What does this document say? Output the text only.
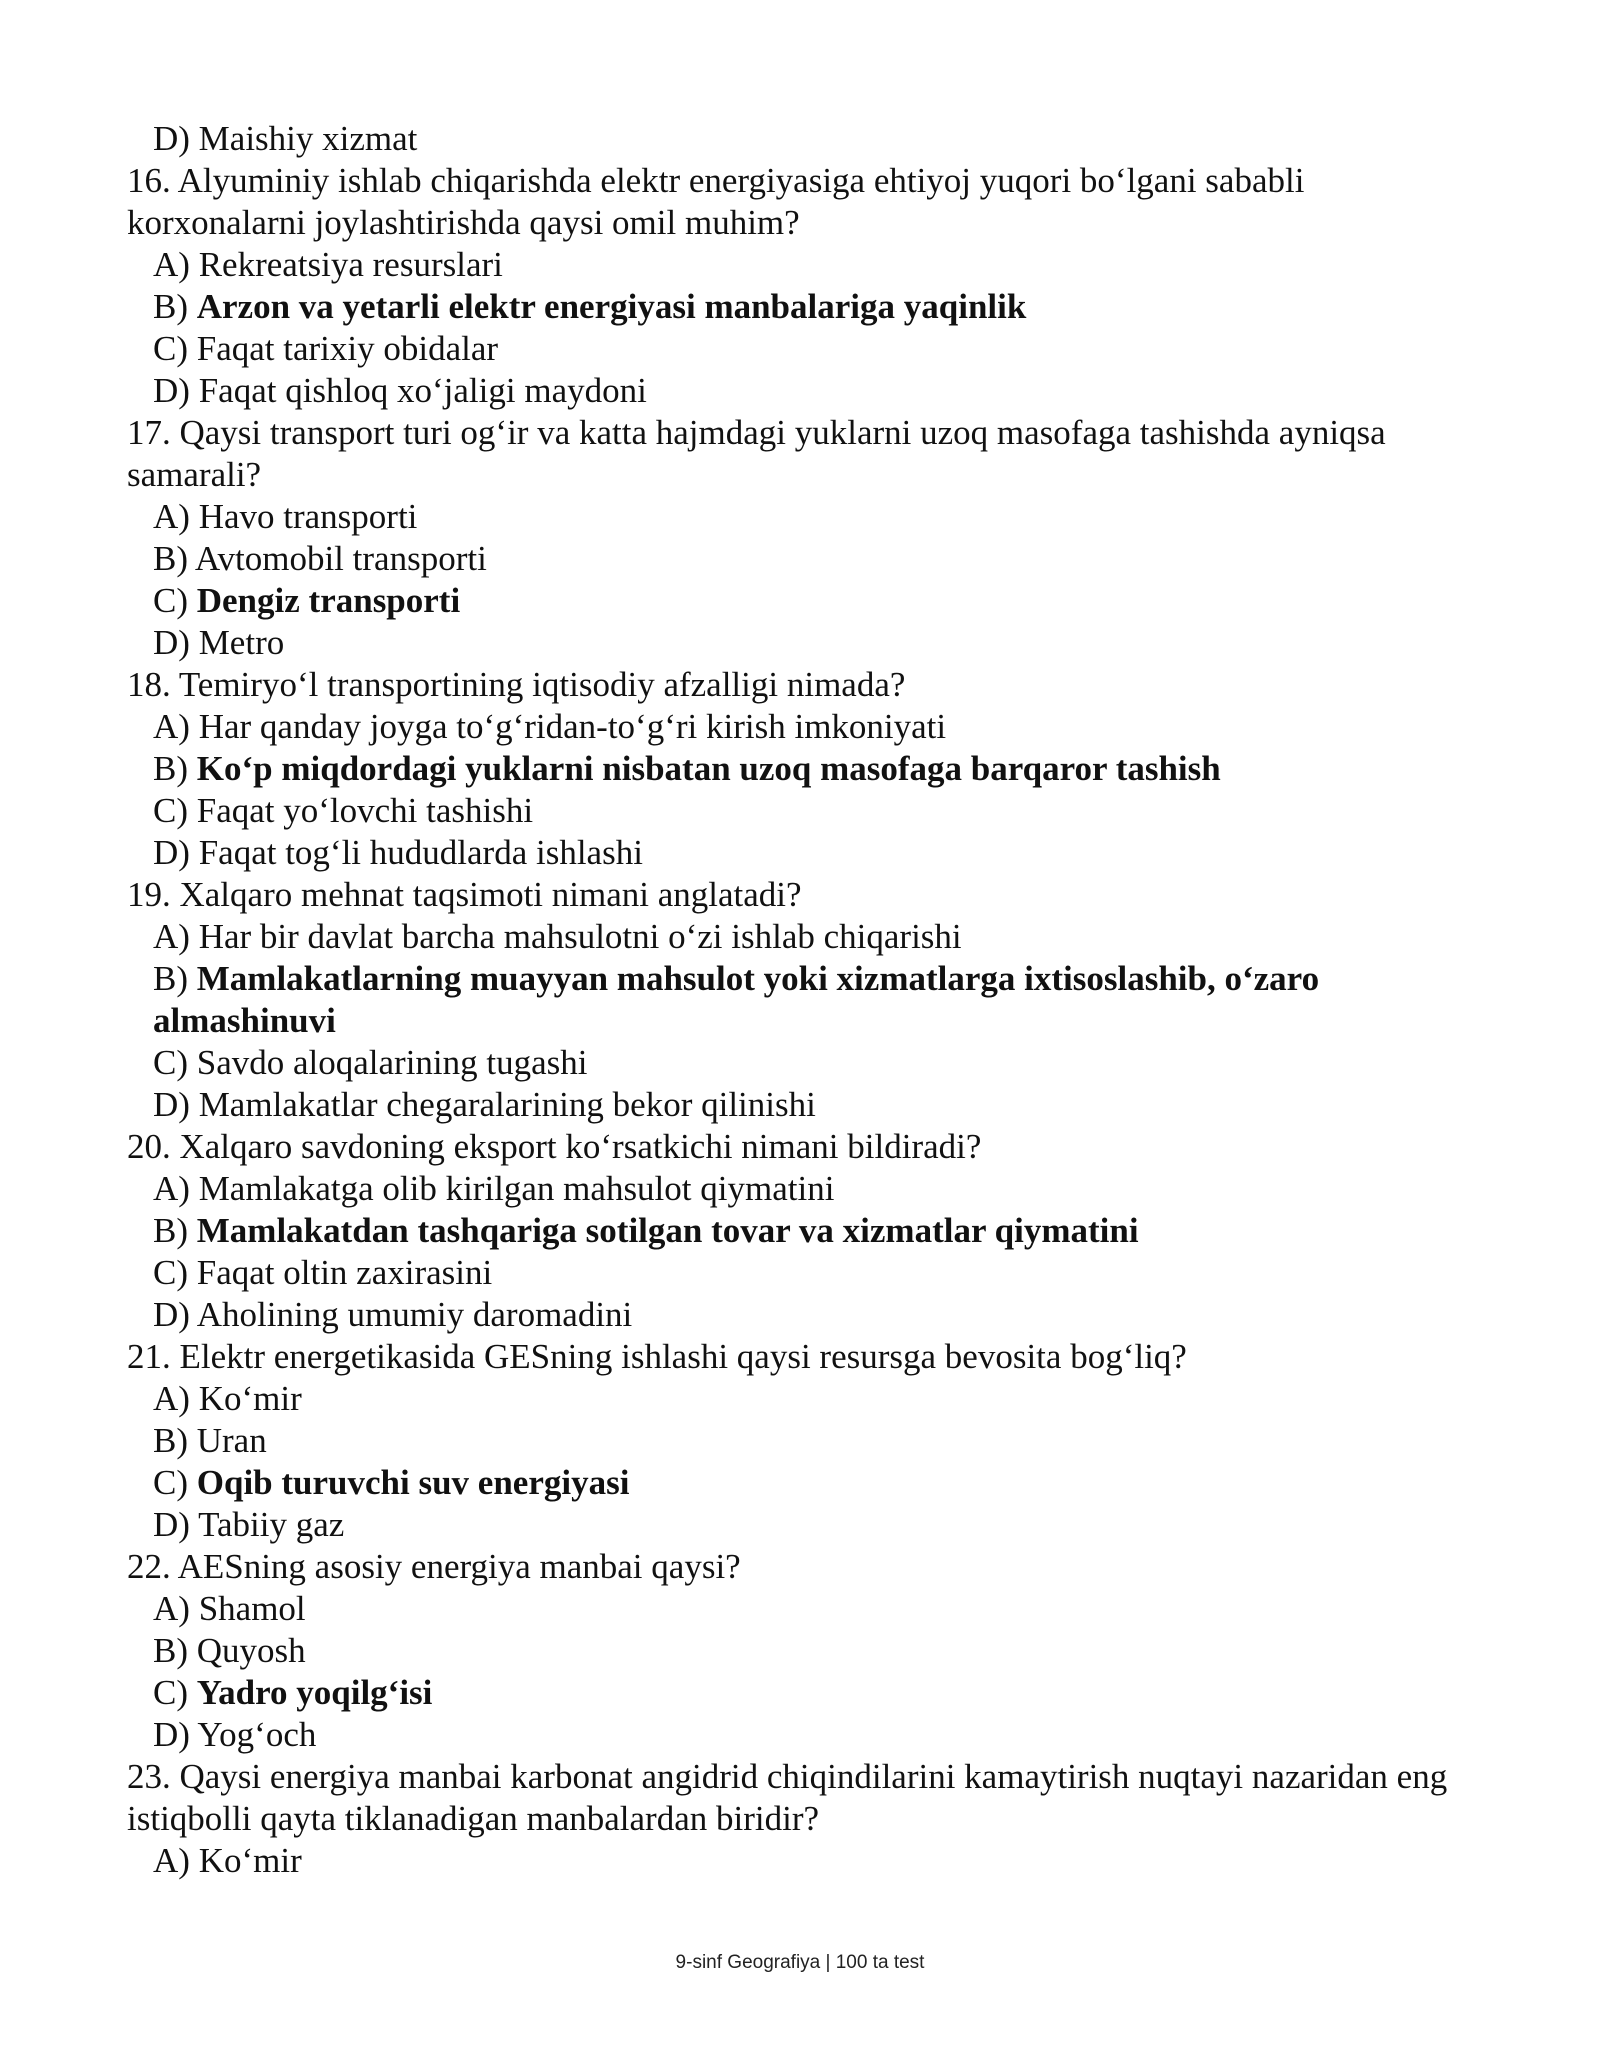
D) Maishiy xizmat
16. Alyuminiy ishlab chiqarishda elektr energiyasiga ehtiyoj yuqori bo‘lgani sababli korxonalarni joylashtirishda qaysi omil muhim?
A) Rekreatsiya resurslari
B) Arzon va yetarli elektr energiyasi manbalariga yaqinlik
C) Faqat tarixiy obidalar
D) Faqat qishloq xo‘jaligi maydoni
17. Qaysi transport turi og‘ir va katta hajmdagi yuklarni uzoq masofaga tashishda ayniqsa samarali?
A) Havo transporti
B) Avtomobil transporti
C) Dengiz transporti
D) Metro
18. Temiryo‘l transportining iqtisodiy afzalligi nimada?
A) Har qanday joyga to‘g‘ridan-to‘g‘ri kirish imkoniyati
B) Ko‘p miqdordagi yuklarni nisbatan uzoq masofaga barqaror tashish
C) Faqat yo‘lovchi tashishi
D) Faqat tog‘li hududlarda ishlashi
19. Xalqaro mehnat taqsimoti nimani anglatadi?
A) Har bir davlat barcha mahsulotni o‘zi ishlab chiqarishi
B) Mamlakatlarning muayyan mahsulot yoki xizmatlarga ixtisoslashib, o‘zaro almashinuvi
C) Savdo aloqalarining tugashi
D) Mamlakatlar chegaralarining bekor qilinishi
20. Xalqaro savdoning eksport ko‘rsatkichi nimani bildiradi?
A) Mamlakatga olib kirilgan mahsulot qiymatini
B) Mamlakatdan tashqariga sotilgan tovar va xizmatlar qiymatini
C) Faqat oltin zaxirasini
D) Aholining umumiy daromadini
21. Elektr energetikasida GESning ishlashi qaysi resursga bevosita bog‘liq?
A) Ko‘mir
B) Uran
C) Oqib turuvchi suv energiyasi
D) Tabiiy gaz
22. AESning asosiy energiya manbai qaysi?
A) Shamol
B) Quyosh
C) Yadro yoqilg‘isi
D) Yog‘och
23. Qaysi energiya manbai karbonat angidrid chiqindilarini kamaytirish nuqtayi nazaridan eng istiqbolli qayta tiklanadigan manbalardan biridir?
A) Ko‘mir
9-sinf Geografiya | 100 ta test
